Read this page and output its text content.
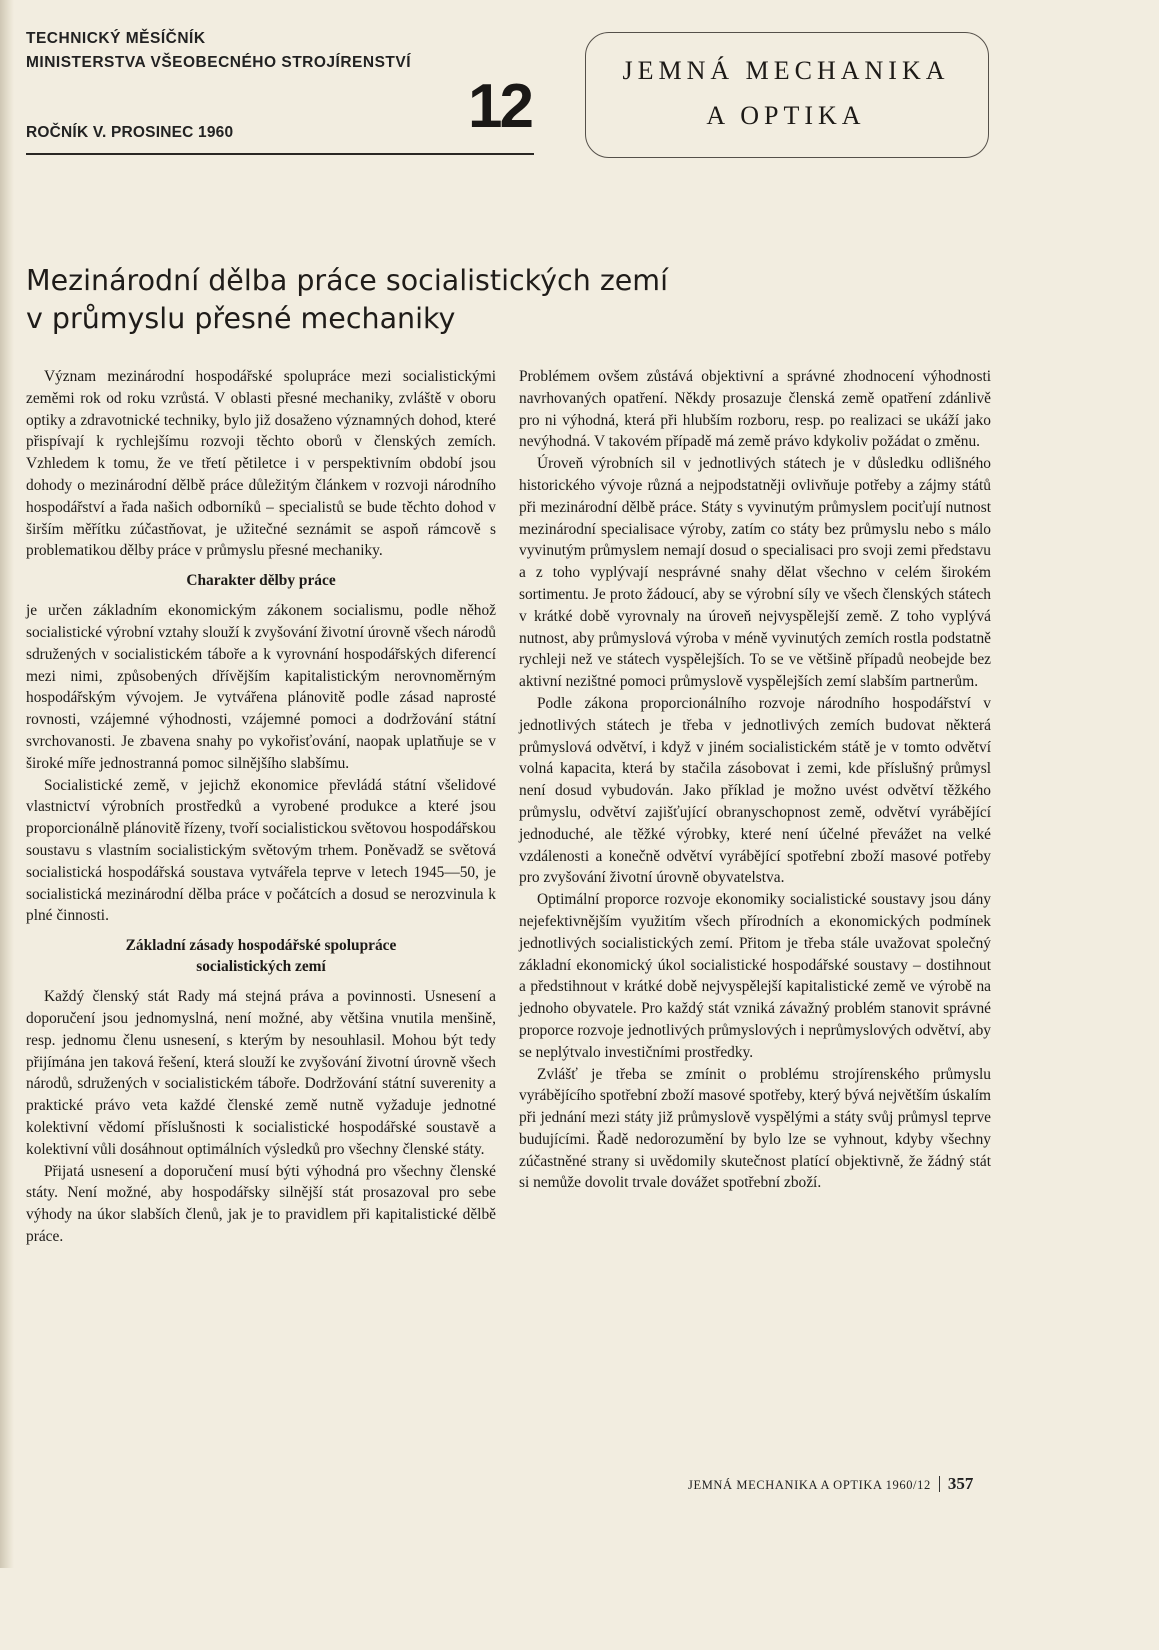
TECHNICKÝ MĚSÍČNÍK
MINISTERSTVA VŠEOBECNÉHO STROJÍRENSTVÍ
ROČNÍK V. PROSINEC 1960	12
JEMNÁ MECHANIKA
A OPTIKA
Mezinárodní dělba práce socialistických zemí
v průmyslu přesné mechaniky

Význam mezinárodní hospodářské spolupráce mezi socialistickými zeměmi rok od roku vzrůstá. V oblasti přesné mechaniky, zvláště v oboru optiky a zdravotnické techniky, bylo již dosaženo významných dohod, které přispívají k rychlejšímu rozvoji těchto oborů v členských zemích. Vzhledem k tomu, že ve třetí pětiletce i v perspektivním období jsou dohody o mezinárodní dělbě práce důležitým článkem v rozvoji národního hospodářství a řada našich odborníků – specialistů se bude těchto dohod v širším měřítku zúčastňovat, je užitečné seznámit se aspoň rámcově s problematikou dělby práce v průmyslu přesné mechaniky.

Charakter dělby práce

je určen základním ekonomickým zákonem socialismu, podle něhož socialistické výrobní vztahy slouží k zvyšování životní úrovně všech národů sdružených v socialistickém táboře a k vyrovnání hospodářských diferencí mezi nimi, způsobených dřívějším kapitalistickým nerovnoměrným hospodářským vývojem. Je vytvářena plánovitě podle zásad naprosté rovnosti, vzájemné výhodnosti, vzájemné pomoci a dodržování státní svrchovanosti. Je zbavena snahy po vykořisťování, naopak uplatňuje se v široké míře jednostranná pomoc silnějšího slabšímu.

Socialistické země, v jejichž ekonomice převládá státní všelidové vlastnictví výrobních prostředků a vyrobené produkce a které jsou proporcionálně plánovitě řízeny, tvoří socialistickou světovou hospodářskou soustavu s vlastním socialistickým světovým trhem. Poněvadž se světová socialistická hospodářská soustava vytvářela teprve v letech 1945—50, je socialistická mezinárodní dělba práce v počátcích a dosud se nerozvinula k plné činnosti.

Základní zásady hospodářské spolupráce
socialistických zemí

Každý členský stát Rady má stejná práva a povinnosti. Usnesení a doporučení jsou jednomyslná, není možné, aby většina vnutila menšině, resp. jednomu členu usnesení, s kterým by nesouhlasil. Mohou být tedy přijímána jen taková řešení, která slouží ke zvyšování životní úrovně všech národů, sdružených v socialistickém táboře. Dodržování státní suverenity a praktické právo veta každé členské země nutně vyžaduje jednotné kolektivní vědomí příslušnosti k socialistické hospodářské soustavě a kolektivní vůli dosáhnout optimálních výsledků pro všechny členské státy.

Přijatá usnesení a doporučení musí býti výhodná pro všechny členské státy. Není možné, aby hospodářsky silnější stát prosazoval pro sebe výhody na úkor slabších členů, jak je to pravidlem při kapitalistické dělbě práce.

Problémem ovšem zůstává objektivní a správné zhodnocení výhodnosti navrhovaných opatření. Někdy prosazuje členská země opatření zdánlivě pro ni výhodná, která při hlubším rozboru, resp. po realizaci se ukáží jako nevýhodná. V takovém případě má země právo kdykoliv požádat o změnu.

Úroveň výrobních sil v jednotlivých státech je v důsledku odlišného historického vývoje různá a nejpodstatněji ovlivňuje potřeby a zájmy států při mezinárodní dělbě práce. Státy s vyvinutým průmyslem pociťují nutnost mezinárodní specialisace výroby, zatím co státy bez průmyslu nebo s málo vyvinutým průmyslem nemají dosud o specialisaci pro svoji zemi představu a z toho vyplývají nesprávné snahy dělat všechno v celém širokém sortimentu. Je proto žádoucí, aby se výrobní síly ve všech členských státech v krátké době vyrovnaly na úroveň nejvyspělejší země. Z toho vyplývá nutnost, aby průmyslová výroba v méně vyvinutých zemích rostla podstatně rychleji než ve státech vyspělejších. To se ve většině případů neobejde bez aktivní nezištné pomoci průmyslově vyspělejších zemí slabším partnerům.

Podle zákona proporcionálního rozvoje národního hospodářství v jednotlivých státech je třeba v jednotlivých zemích budovat některá průmyslová odvětví, i když v jiném socialistickém státě je v tomto odvětví volná kapacita, která by stačila zásobovat i zemi, kde příslušný průmysl není dosud vybudován. Jako příklad je možno uvést odvětví těžkého průmyslu, odvětví zajišťující obranyschopnost země, odvětví vyrábějící jednoduché, ale těžké výrobky, které není účelné převážet na velké vzdálenosti a konečně odvětví vyrábějící spotřební zboží masové potřeby pro zvyšování životní úrovně obyvatelstva.

Optimální proporce rozvoje ekonomiky socialistické soustavy jsou dány nejefektivnějším využitím všech přírodních a ekonomických podmínek jednotlivých socialistických zemí. Přitom je třeba stále uvažovat společný základní ekonomický úkol socialistické hospodářské soustavy – dostihnout a předstihnout v krátké době nejvyspělejší kapitalistické země ve výrobě na jednoho obyvatele. Pro každý stát vzniká závažný problém stanovit správné proporce rozvoje jednotlivých průmyslových i neprůmyslových odvětví, aby se neplýtvalo investičními prostředky.

Zvlášť je třeba se zmínit o problému strojírenského průmyslu vyrábějícího spotřební zboží masové spotřeby, který bývá největším úskalím při jednání mezi státy již průmyslově vyspělými a státy svůj průmysl teprve budujícími. Řadě nedorozumění by bylo lze se vyhnout, kdyby všechny zúčastněné strany si uvědomily skutečnost platící objektivně, že žádný stát si nemůže dovolit trvale dovážet spotřební zboží.

JEMNÁ MECHANIKA A OPTIKA 1960/12 357
